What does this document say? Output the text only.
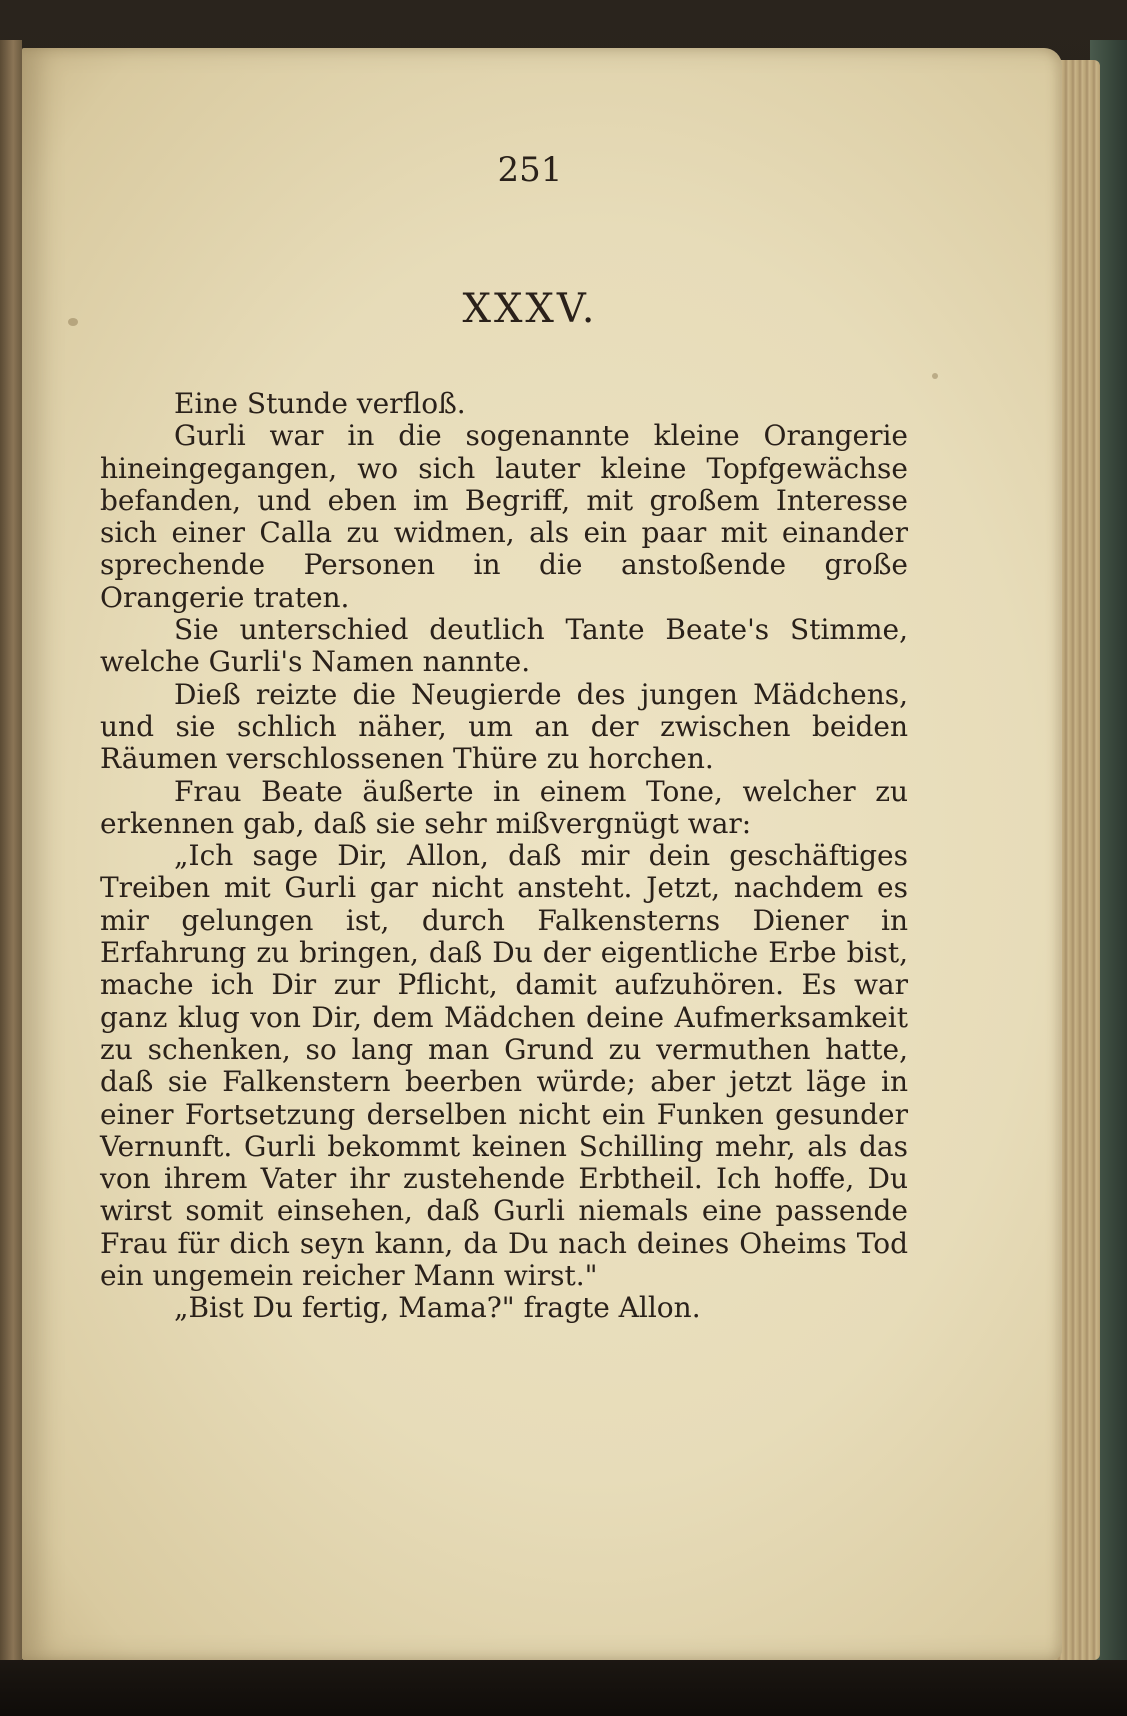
251
XXXV.

Eine Stunde verfloß.

Gurli war in die sogenannte kleine Orangerie hineingegangen, wo sich lauter kleine Topfgewächse befanden, und eben im Begriff, mit großem Interesse sich einer Calla zu widmen, als ein paar mit einander sprechende Personen in die anstoßende große Orangerie traten.

Sie unterschied deutlich Tante Beate's Stimme, welche Gurli's Namen nannte.

Dieß reizte die Neugierde des jungen Mädchens, und sie schlich näher, um an der zwischen beiden Räumen verschlossenen Thüre zu horchen.

Frau Beate äußerte in einem Tone, welcher zu erkennen gab, daß sie sehr mißvergnügt war:

„Ich sage Dir, Allon, daß mir dein geschäftiges Treiben mit Gurli gar nicht ansteht. Jetzt, nachdem es mir gelungen ist, durch Falkensterns Diener in Erfahrung zu bringen, daß Du der eigentliche Erbe bist, mache ich Dir zur Pflicht, damit aufzuhören. Es war ganz klug von Dir, dem Mädchen deine Aufmerksamkeit zu schenken, so lang man Grund zu vermuthen hatte, daß sie Falkenstern beerben würde; aber jetzt läge in einer Fortsetzung derselben nicht ein Funken gesunder Vernunft. Gurli bekommt keinen Schilling mehr, als das von ihrem Vater ihr zustehende Erbtheil. Ich hoffe, Du wirst somit einsehen, daß Gurli niemals eine passende Frau für dich seyn kann, da Du nach deines Oheims Tod ein ungemein reicher Mann wirst."

„Bist Du fertig, Mama?" fragte Allon.
